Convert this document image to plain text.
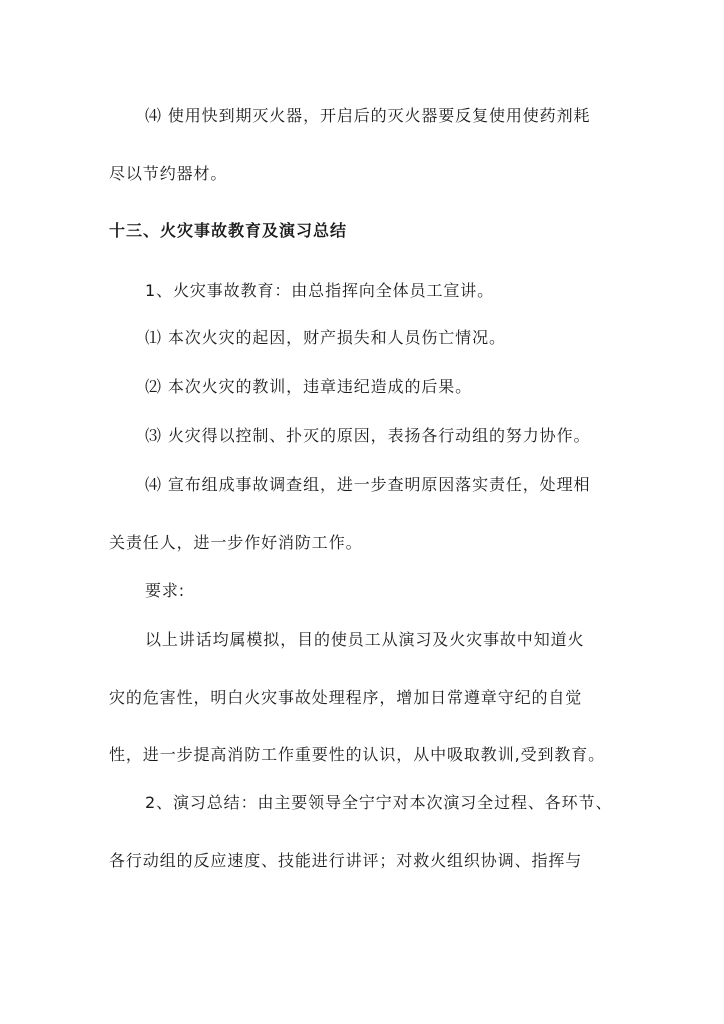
⑷ 使用快到期灭火器，开启后的灭火器要反复使用使药剂耗
尽以节约器材。
十三、火灾事故教育及演习总结
1、火灾事故教育：由总指挥向全体员工宣讲。
⑴ 本次火灾的起因，财产损失和人员伤亡情况。
⑵ 本次火灾的教训，违章违纪造成的后果。
⑶ 火灾得以控制、扑灭的原因，表扬各行动组的努力协作。
⑷ 宣布组成事故调查组，进一步查明原因落实责任，处理相
关责任人，进一步作好消防工作。
要求:
以上讲话均属模拟，目的使员工从演习及火灾事故中知道火
灾的危害性，明白火灾事故处理程序，增加日常遵章守纪的自觉
性，进一步提高消防工作重要性的认识，从中吸取教训,受到教育。
2、演习总结：由主要领导全宁宁对本次演习全过程、各环节、
各行动组的反应速度、技能进行讲评；对救火组织协调、指挥与
